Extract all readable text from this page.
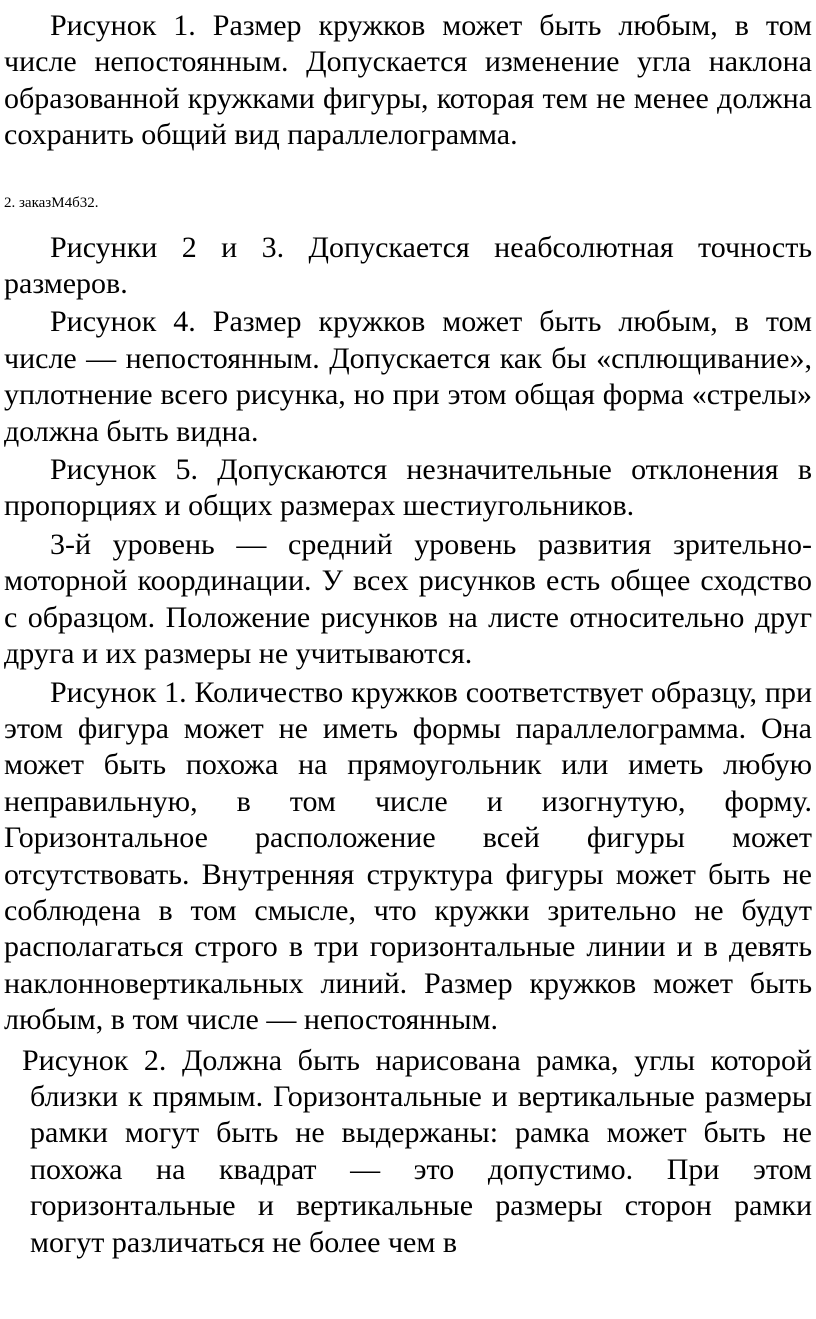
Рисунок 1. Размер кружков может быть любым, в том числе непостоянным. Допускается изменение угла наклона образованной кружками фигуры, которая тем не менее должна сохранить общий вид параллелограмма.

2. заказМ4б32.

Рисунки 2 и 3. Допускается неабсолютная точность размеров.

Рисунок 4. Размер кружков может быть любым, в том числе — непостоянным. Допускается как бы «сплющивание», уплотнение всего рисунка, но при этом общая форма «стрелы» должна быть видна.

Рисунок 5. Допускаются незначительные отклонения в пропорциях и общих размерах шестиугольников.

3-й уровень — средний уровень развития зрительно-моторной координации. У всех рисунков есть общее сходство с образцом. Положение рисунков на листе относительно друг друга и их размеры не учитываются.

Рисунок 1. Количество кружков соответствует образцу, при этом фигура может не иметь формы параллелограмма. Она может быть похожа на прямоугольник или иметь любую неправильную, в том числе и изогнутую, форму. Горизонтальное расположение всей фигуры может отсутствовать. Внутренняя структура фигуры может быть не соблюдена в том смысле, что кружки зрительно не будут располагаться строго в три горизонтальные линии и в девять наклонновертикальных линий. Размер кружков может быть любым, в том числе — непостоянным.

Рисунок 2. Должна быть нарисована рамка, углы которой близки к прямым. Горизонтальные и вертикальные размеры рамки могут быть не выдержаны: рамка может быть не похожа на квадрат — это допустимо. При этом горизонтальные и вертикальные размеры сторон рамки могут различаться не более чем в
